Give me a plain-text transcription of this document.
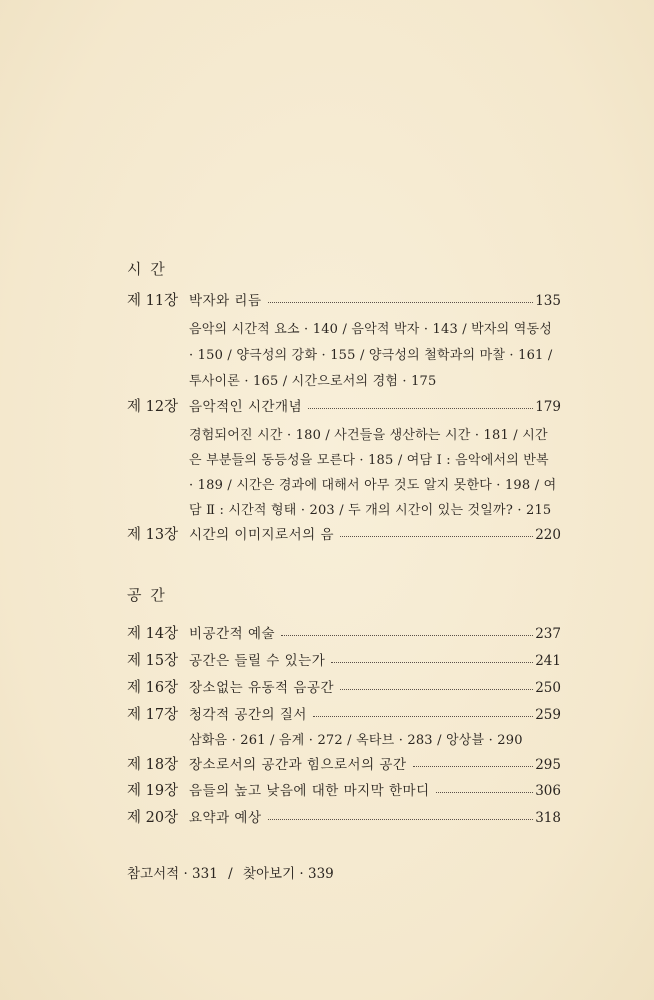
시 간
제 11장 박자와 리듬	135
음악의 시간적 요소 · 140 / 음악적 박자 · 143 / 박자의 역동성
· 150 / 양극성의 강화 · 155 / 양극성의 철학과의 마찰 · 161 /
투사이론 · 165 / 시간으로서의 경험 · 175
제 12장 음악적인 시간개념	179
경험되어진 시간 · 180 / 사건들을 생산하는 시간 · 181 / 시간
은 부분들의 동등성을 모른다 · 185 / 여담 Ⅰ : 음악에서의 반복
· 189 / 시간은 경과에 대해서 아무 것도 알지 못한다 · 198 / 여
담 Ⅱ : 시간적 형태 · 203 / 두 개의 시간이 있는 것일까? · 215
제 13장 시간의 이미지로서의 음	220
공 간
제 14장 비공간적 예술	237
제 15장 공간은 들릴 수 있는가	241
제 16장 장소없는 유동적 음공간	250
제 17장 청각적 공간의 질서	259
삼화음 · 261 / 음계 · 272 / 옥타브 · 283 / 앙상블 · 290
제 18장 장소로서의 공간과 힘으로서의 공간	295
제 19장 음들의 높고 낮음에 대한 마지막 한마디	306
제 20장 요약과 예상	318
참고서적 · 331 / 찾아보기 · 339
